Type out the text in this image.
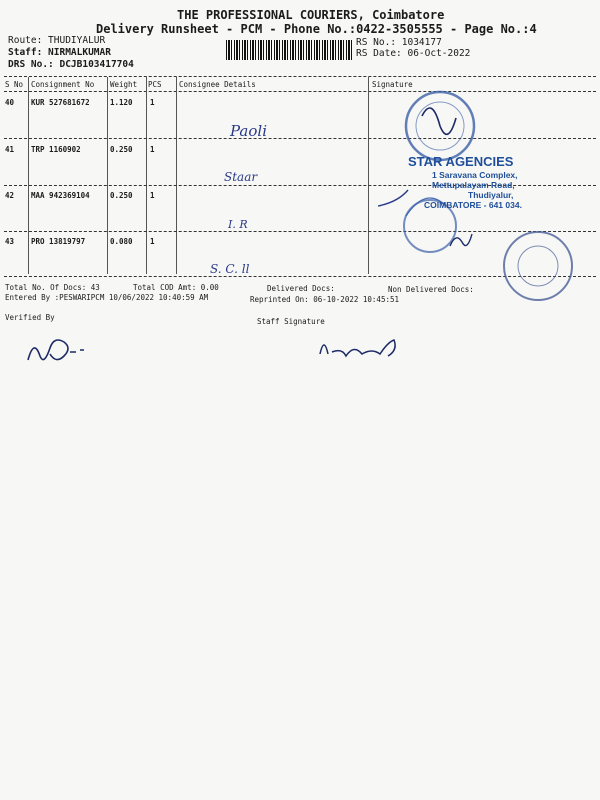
THE PROFESSIONAL COURIERS, Coimbatore
Delivery Runsheet - PCM - Phone No.:0422-3505555 - Page No.:4
Route: THUDIYALUR
Staff: NIRMALKUMAR
DRS No.: DCJB103417704
RS No.: 1034177
RS Date: 06-Oct-2022
S No Consignment No Weight PCS Consignee Details	Signature
40 KUR 527681672	1.120 1
Paoli
41 TRP 1160902	0.250 1
Staar
42 MAA 942369104	0.250 1
I. R
43 PRO 13819797	0.080 1
S. C. ll
STAR AGENCIES
1 Saravana Complex,
Mettupalayam Road,
Thudiyalur,
COIMBATORE - 641 034.
Total No. Of Docs: 43	Total COD Amt: 0.00	Delivered Docs:	Non Delivered Docs:
Entered By :PESWARIPCM 10/06/2022 10:40:59 AM	Reprinted On: 06-10-2022 10:45:51
Verified By	Staff Signature
